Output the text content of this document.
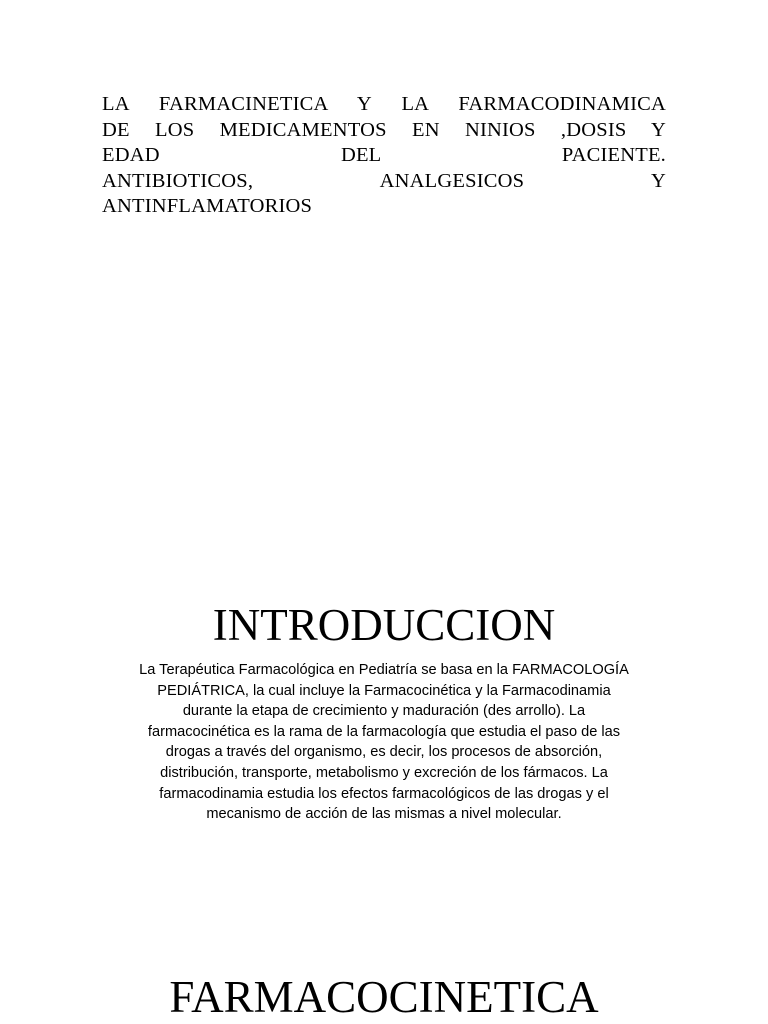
LA FARMACINETICA Y LA FARMACODINAMICA
DE LOS MEDICAMENTOS EN NINIOS ,DOSIS Y
EDAD DEL PACIENTE.
ANTIBIOTICOS, ANALGESICOS Y
ANTINFLAMATORIOS
INTRODUCCION
La Terapéutica Farmacológica en Pediatría se basa en la FARMACOLOGÍA
PEDIÁTRICA, la cual incluye la Farmacocinética y la Farmacodinamia
durante la etapa de crecimiento y maduración (des arrollo). La
farmacocinética es la rama de la farmacología que estudia el paso de las
drogas a través del organismo, es decir, los procesos de absorción,
distribución, transporte, metabolismo y excreción de los fármacos. La
farmacodinamia estudia los efectos farmacológicos de las drogas y el
mecanismo de acción de las mismas a nivel molecular.
FARMACOCINETICA
